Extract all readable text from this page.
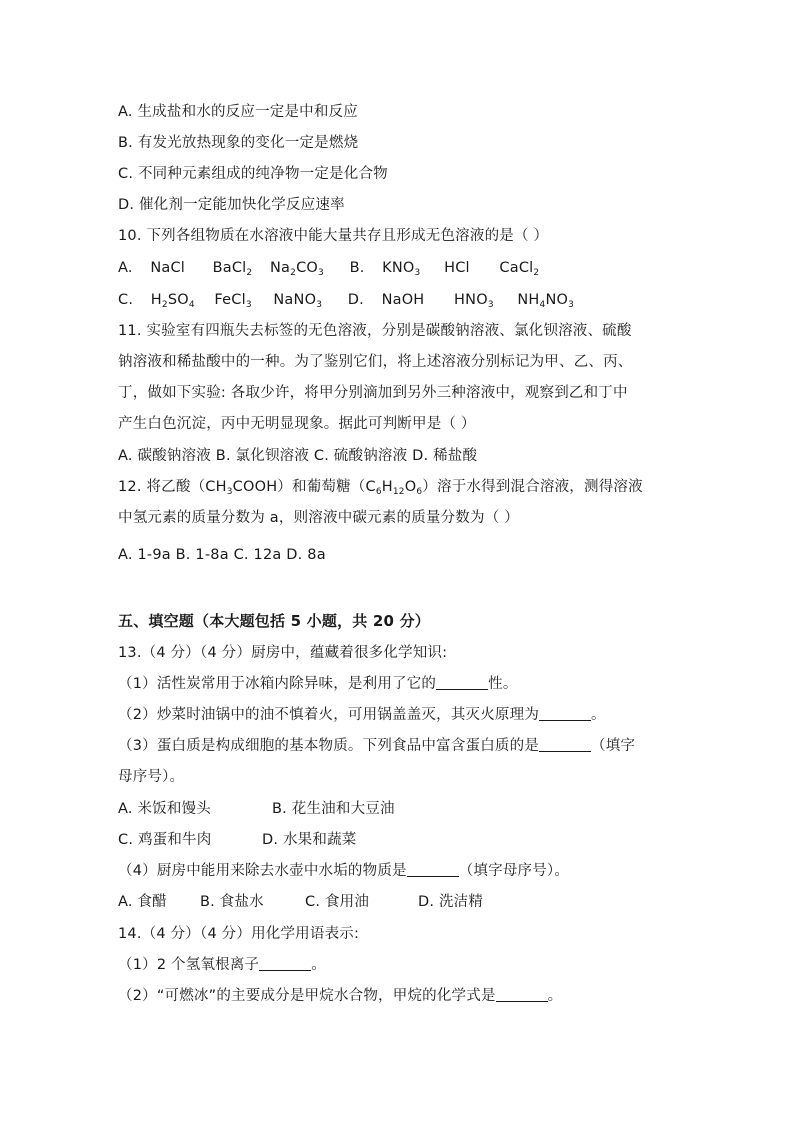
A. 生成盐和水的反应一定是中和反应
B. 有发光放热现象的变化一定是燃烧
C. 不同种元素组成的纯净物一定是化合物
D. 催化剂一定能加快化学反应速率
10. 下列各组物质在水溶液中能大量共存且形成无色溶液的是（ ）
A. NaCl BaCl$_2$ $Na_2CO_3$ B. $KNO_3$ HCl CaCl$_2$
C. $H_2SO_4$ FeCl$_3$ NaNO$_3$ D. NaOH $HNO_3$ $NH_4NO_3$
11. 实验室有四瓶失去标签的无色溶液，分别是碳酸钠溶液、氯化钡溶液、硫酸
钠溶液和稀盐酸中的一种。为了鉴别它们，将上述溶液分别标记为甲、乙、丙、
丁，做如下实验: 各取少许，将甲分别滴加到另外三种溶液中，观察到乙和丁中
产生白色沉淀，丙中无明显现象。据此可判断甲是（ ）
A. 碳酸钠溶液 B. 氯化钡溶液 C. 硫酸钠溶液 D. 稀盐酸
12. 将乙酸$(CH_3COOH)$和葡萄糖$(C_6H_{12}O_6)$溶于水得到混合溶液，测得溶液
中氢元素的质量分数为 a，则溶液中碳元素的质量分数为（ ）
A. 1-9a B. 1-8a C. 12a D. 8a
五、填空题（本大题包括 5 小题，共 20 分）
13.（4 分）（4 分）厨房中，蕴藏着很多化学知识:
（1）活性炭常用于冰箱内除异味，是利用了它的	性。
（2）炒菜时油锅中的油不慎着火，可用锅盖盖灭，其灭火原理为	。
（3）蛋白质是构成细胞的基本物质。下列食品中富含蛋白质的是	（填字
母序号）。
A. 米饭和馒头	B. 花生油和大豆油
C. 鸡蛋和牛肉	D. 水果和蔬菜
（4）厨房中能用来除去水壶中水垢的物质是	（填字母序号）。
A. 食醋 B. 食盐水	C. 食用油	D. 洗洁精
14.（4 分）（4 分）用化学用语表示:
（1）2 个氢氧根离子	。
（2）“可燃冰”的主要成分是甲烷水合物，甲烷的化学式是	。
